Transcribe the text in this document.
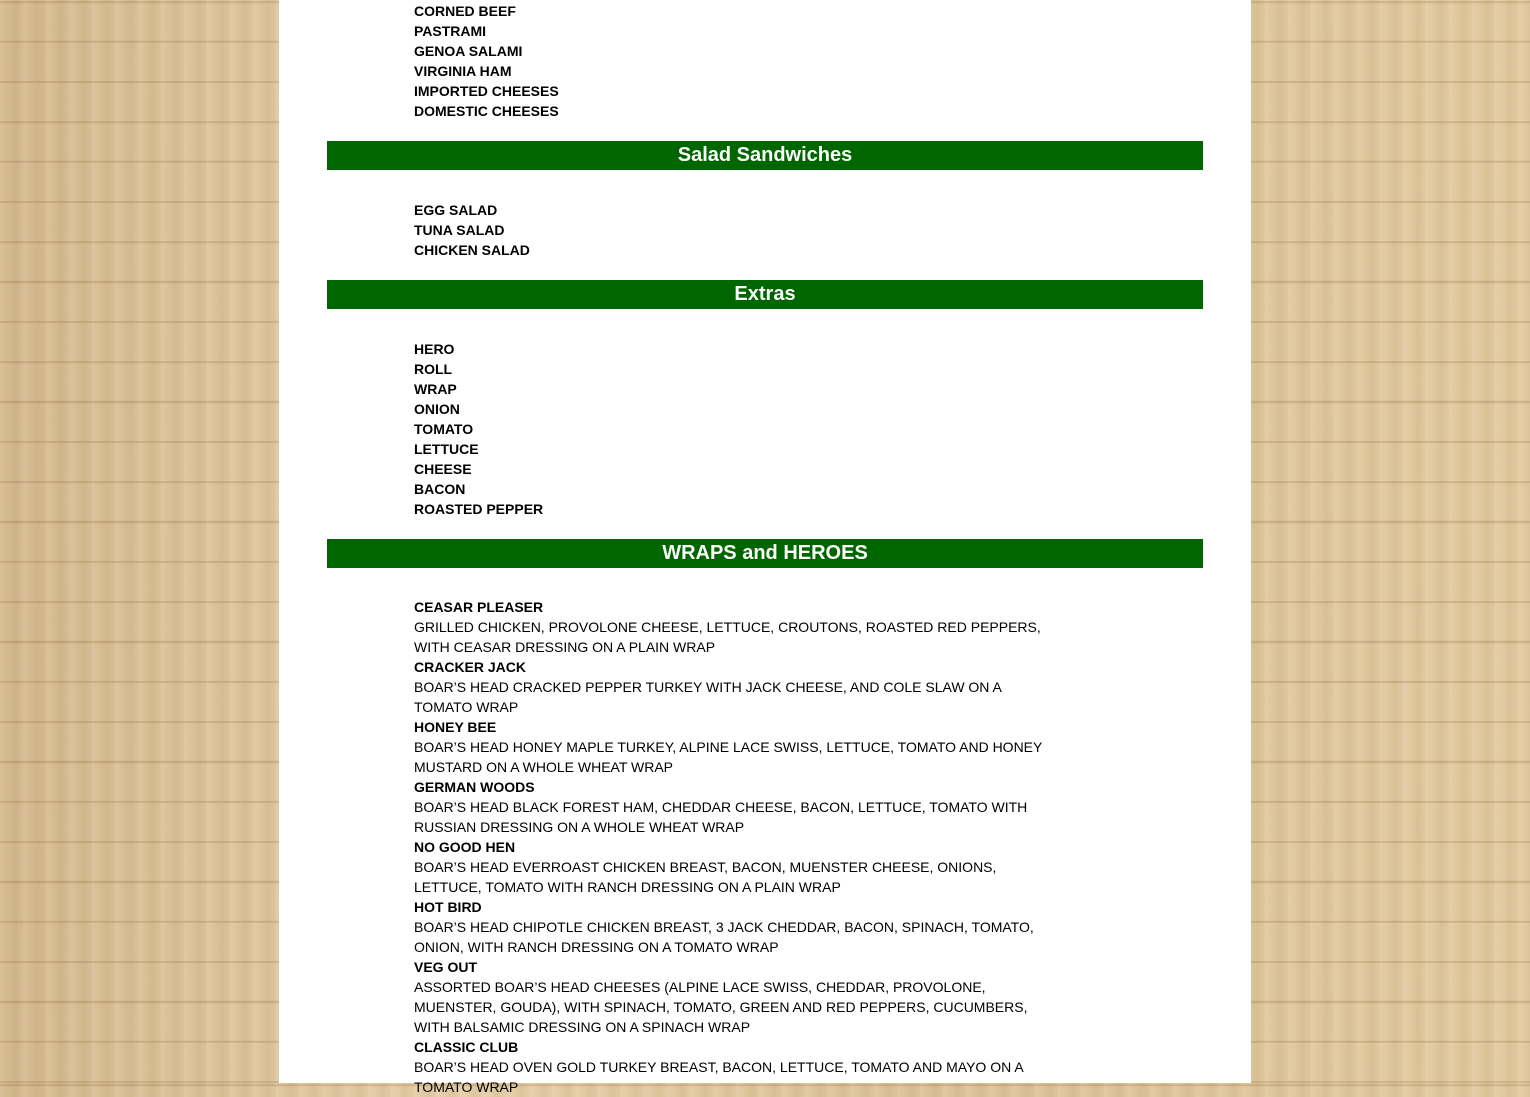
CORNED BEEF
PASTRAMI
GENOA SALAMI
VIRGINIA HAM
IMPORTED CHEESES
DOMESTIC CHEESES
Salad Sandwiches
EGG SALAD
TUNA SALAD
CHICKEN SALAD
Extras
HERO
ROLL
WRAP
ONION
TOMATO
LETTUCE
CHEESE
BACON
ROASTED PEPPER
WRAPS and HEROES
CEASAR PLEASER
GRILLED CHICKEN, PROVOLONE CHEESE, LETTUCE, CROUTONS, ROASTED RED PEPPERS, WITH CEASAR DRESSING ON A PLAIN WRAP
CRACKER JACK
BOAR’S HEAD CRACKED PEPPER TURKEY WITH JACK CHEESE, AND COLE SLAW ON A TOMATO WRAP
HONEY BEE
BOAR’S HEAD HONEY MAPLE TURKEY, ALPINE LACE SWISS, LETTUCE, TOMATO AND HONEY MUSTARD ON A WHOLE WHEAT WRAP
GERMAN WOODS
BOAR’S HEAD BLACK FOREST HAM, CHEDDAR CHEESE, BACON, LETTUCE, TOMATO WITH RUSSIAN DRESSING ON A WHOLE WHEAT WRAP
NO GOOD HEN
BOAR’S HEAD EVERROAST CHICKEN BREAST, BACON, MUENSTER CHEESE, ONIONS, LETTUCE, TOMATO WITH RANCH DRESSING ON A PLAIN WRAP
HOT BIRD
BOAR’S HEAD CHIPOTLE CHICKEN BREAST, 3 JACK CHEDDAR, BACON, SPINACH, TOMATO, ONION, WITH RANCH DRESSING ON A TOMATO WRAP
VEG OUT
ASSORTED BOAR’S HEAD CHEESES (ALPINE LACE SWISS, CHEDDAR, PROVOLONE, MUENSTER, GOUDA), WITH SPINACH, TOMATO, GREEN AND RED PEPPERS, CUCUMBERS, WITH BALSAMIC DRESSING ON A SPINACH WRAP
CLASSIC CLUB
BOAR’S HEAD OVEN GOLD TURKEY BREAST, BACON, LETTUCE, TOMATO AND MAYO ON A TOMATO WRAP
